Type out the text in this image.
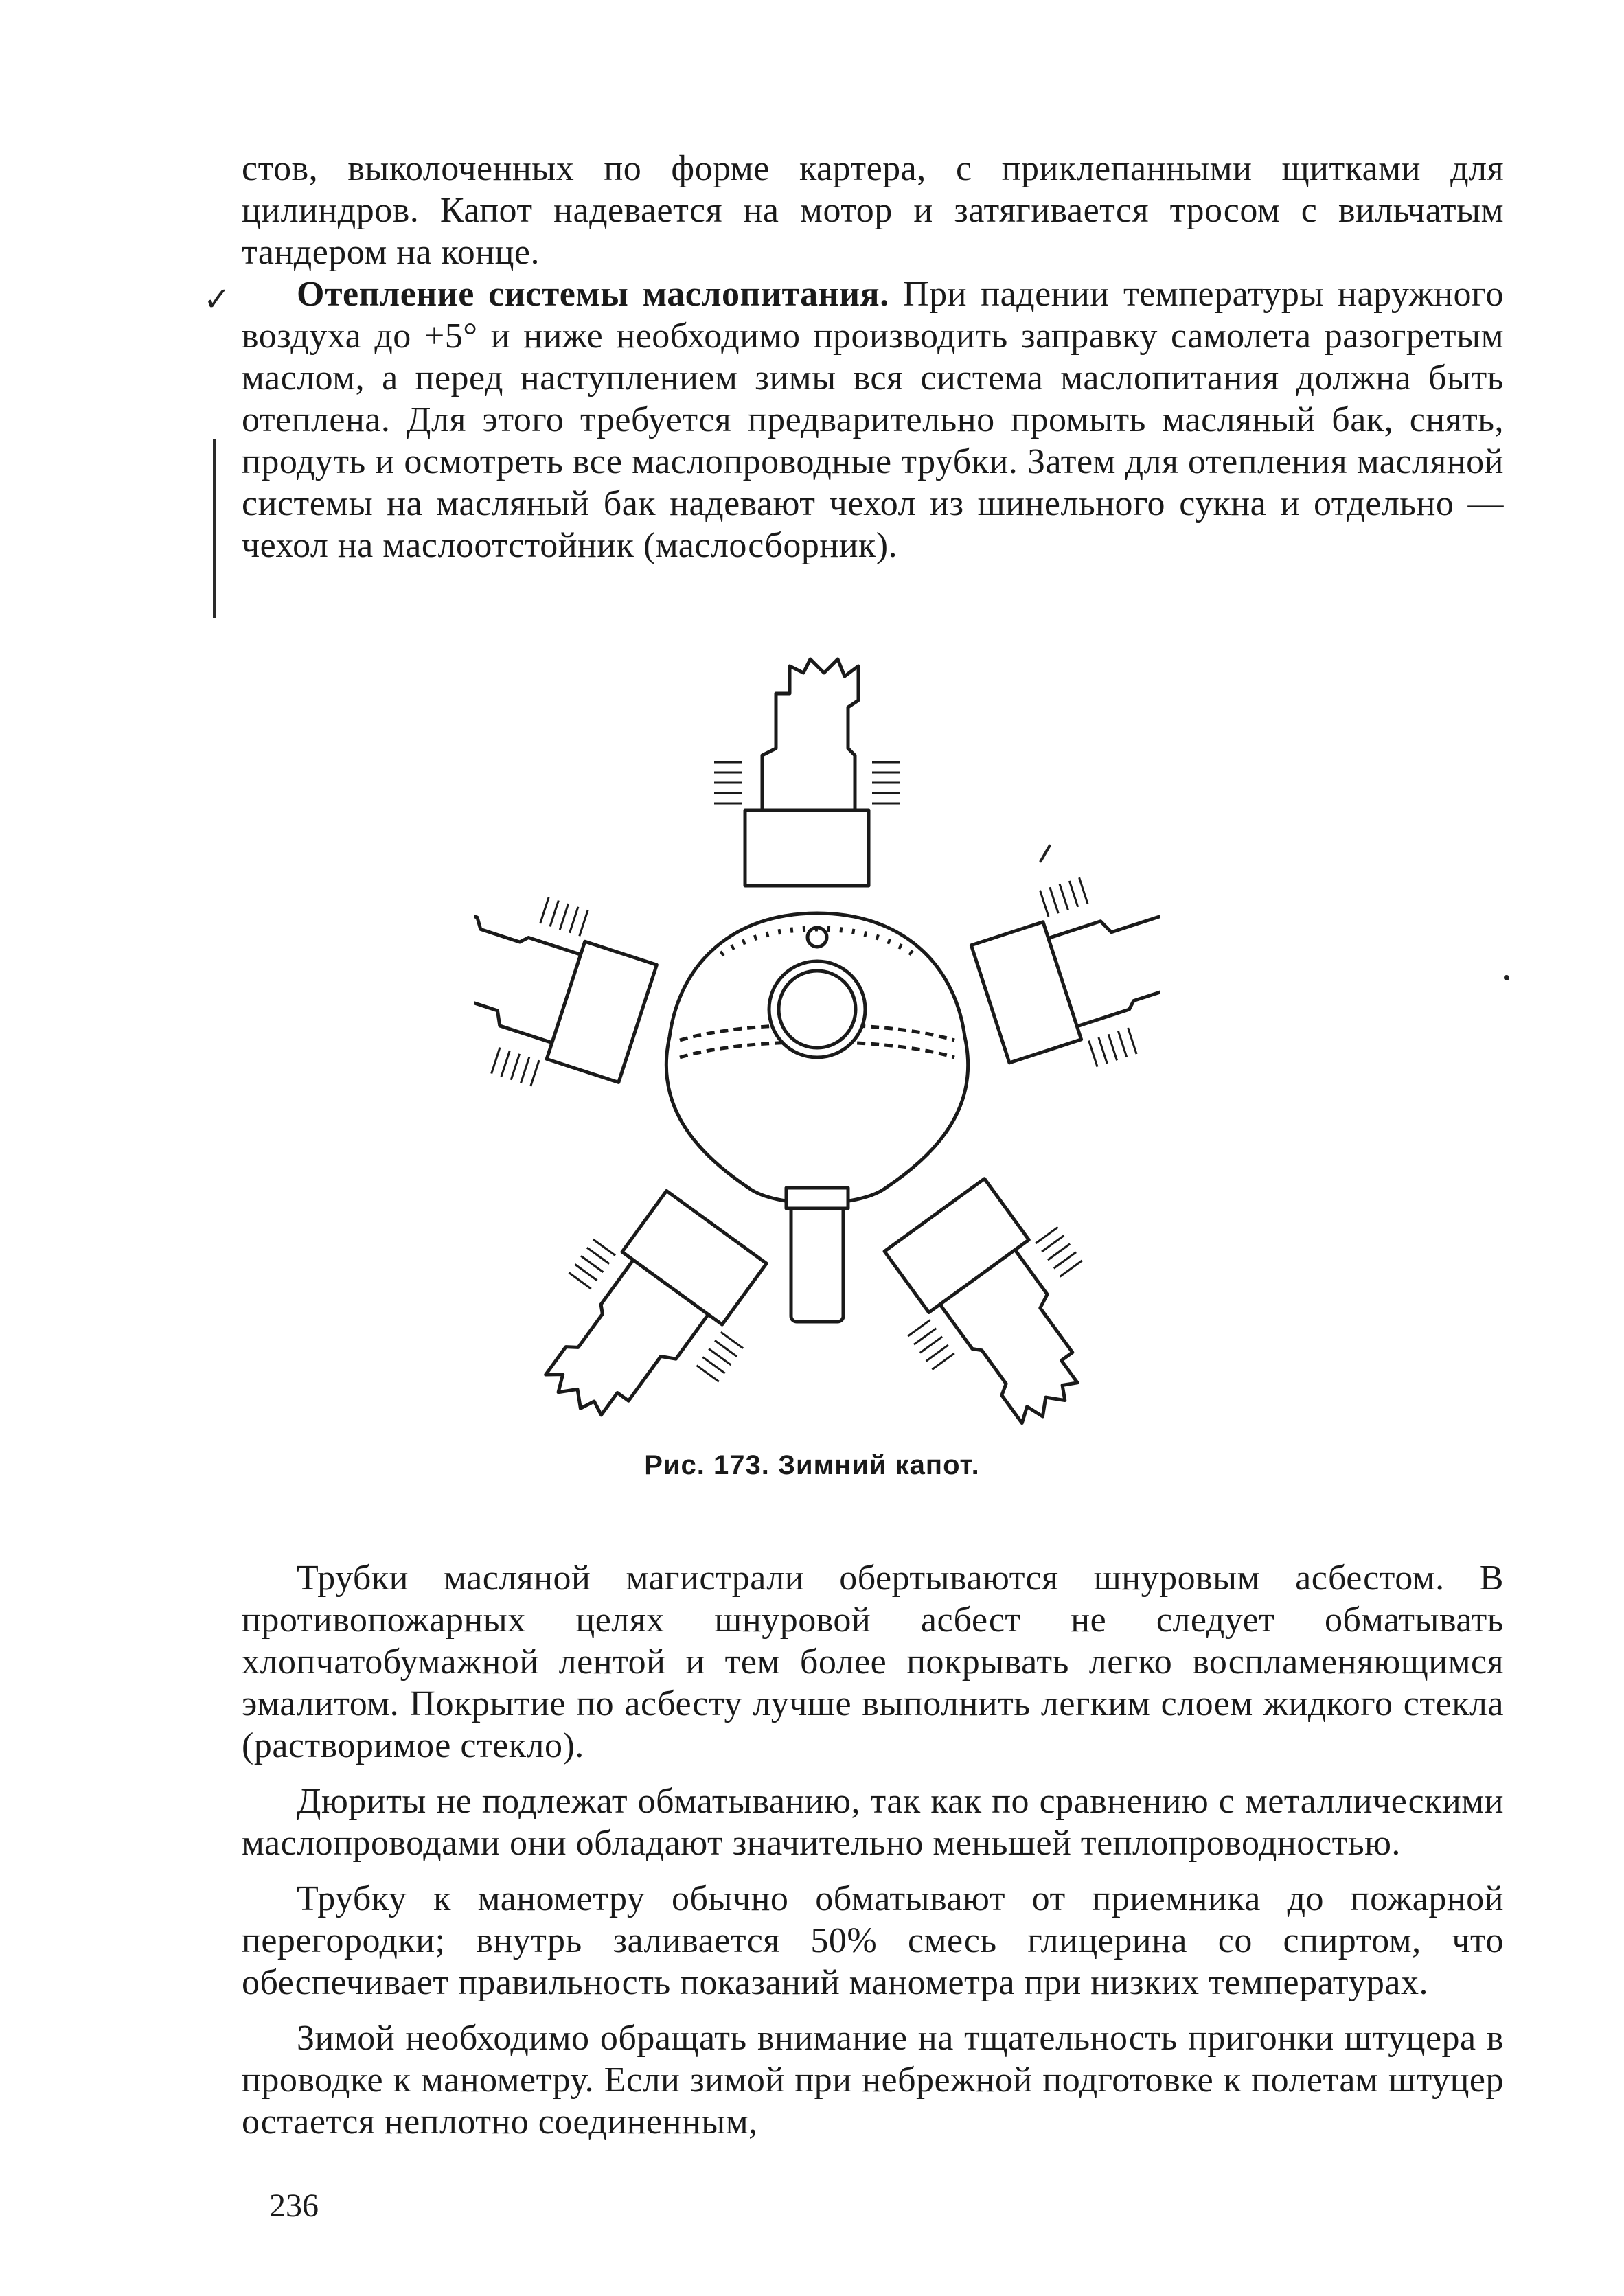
стов, выколоченных по форме картера, с приклепанными щитками для цилиндров. Капот надевается на мотор и затягивается тросом с вильчатым тандером на конце.

Отепление системы маслопитания. При падении температуры наружного воздуха до +5° и ниже необходимо производить заправку самолета разогретым маслом, а перед наступлением зимы вся система маслопитания должна быть отеплена. Для этого требуется предварительно промыть масляный бак, снять, продуть и осмотреть все маслопроводные трубки. Затем для отепления масляной системы на масляный бак надевают чехол из шинельного сукна и отдельно — чехол на маслоотстойник (маслосборник).

✓
Рис. 173. Зимний капот.

Трубки масляной магистрали обертываются шнуровым асбестом. В противопожарных целях шнуровой асбест не следует обматывать хлопчатобумажной лентой и тем более покрывать легко воспламеняющимся эмалитом. Покрытие по асбесту лучше выполнить легким слоем жидкого стекла (растворимое стекло).

Дюриты не подлежат обматыванию, так как по сравнению с металлическими маслопроводами они обладают значительно меньшей теплопроводностью.

Трубку к манометру обычно обматывают от приемника до пожарной перегородки; внутрь заливается 50% смесь глицерина со спиртом, что обеспечивает правильность показаний манометра при низких температурах.

Зимой необходимо обращать внимание на тщательность пригонки штуцера в проводке к манометру. Если зимой при небрежной подготовке к полетам штуцер остается неплотно соединенным,

236
